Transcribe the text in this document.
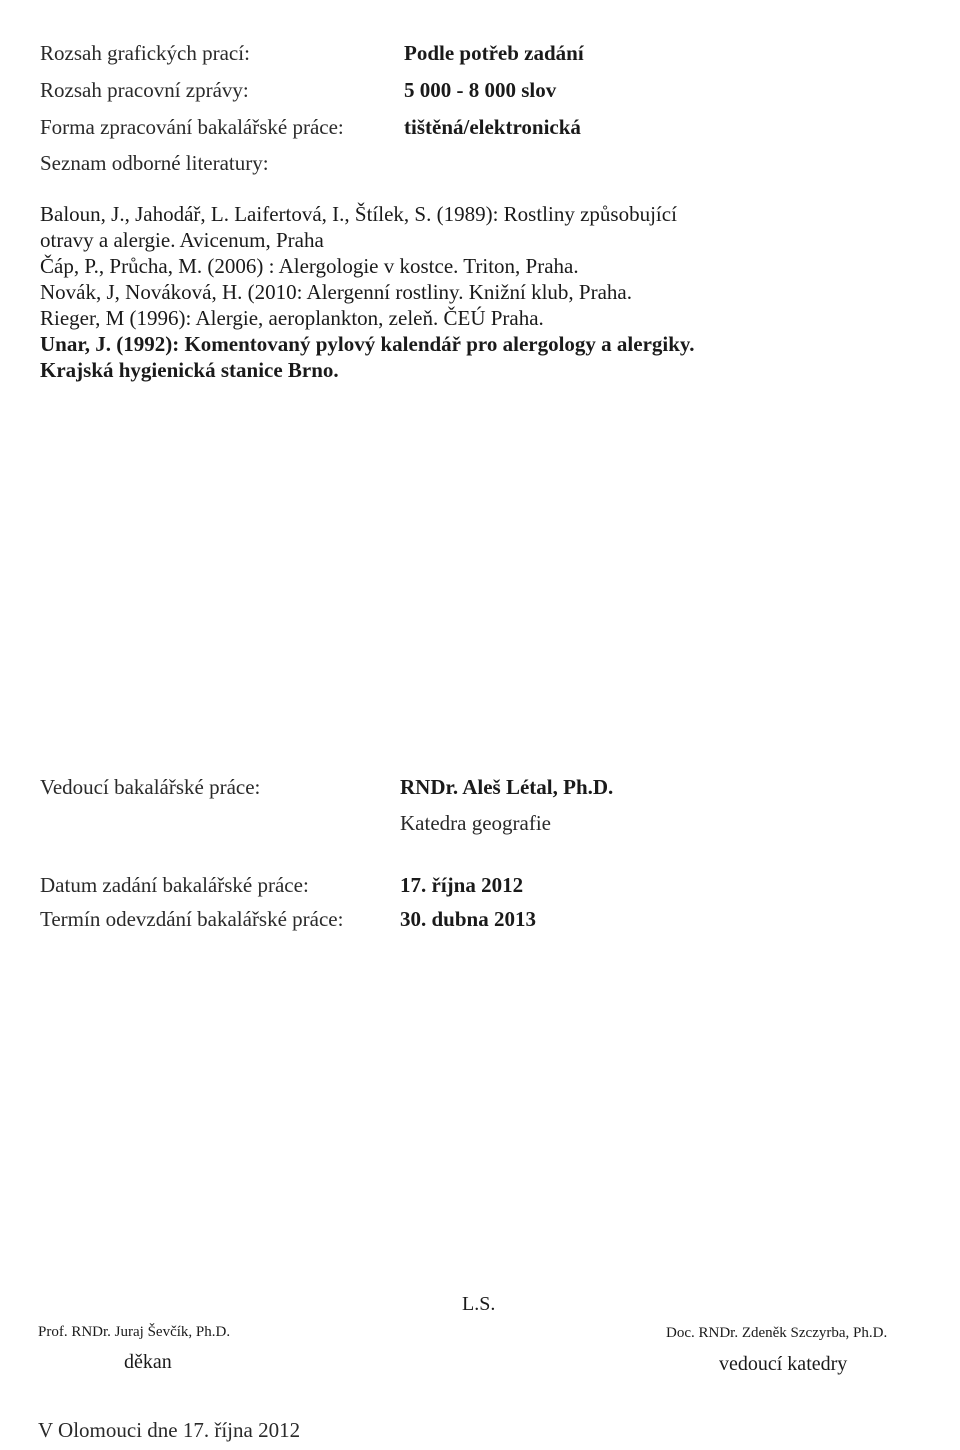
Rozsah grafických prací:	Podle potřeb zadání
Rozsah pracovní zprávy:	5 000 - 8 000 slov
Forma zpracování bakalářské práce:	tištěná/elektronická
Seznam odborné literatury:
Baloun, J., Jahodář, L. Laifertová, I., Štílek, S. (1989): Rostliny způsobující
otravy a alergie. Avicenum, Praha
Čáp, P., Průcha, M. (2006) : Alergologie v kostce. Triton, Praha.
Novák, J, Nováková, H. (2010: Alergenní rostliny. Knižní klub, Praha.
Rieger, M (1996): Alergie, aeroplankton, zeleň. ČEÚ Praha.
Unar, J. (1992): Komentovaný pylový kalendář pro alergology a alergiky.
Krajská hygienická stanice Brno.
Vedoucí bakalářské práce:	RNDr. Aleš Létal, Ph.D.
Katedra geografie
Datum zadání bakalářské práce:	17. října 2012
Termín odevzdání bakalářské práce:	30. dubna 2013
L.S.
Prof. RNDr. Juraj Ševčík, Ph.D.
děkan
Doc. RNDr. Zdeněk Szczyrba, Ph.D.
vedoucí katedry
V Olomouci dne 17. října 2012
